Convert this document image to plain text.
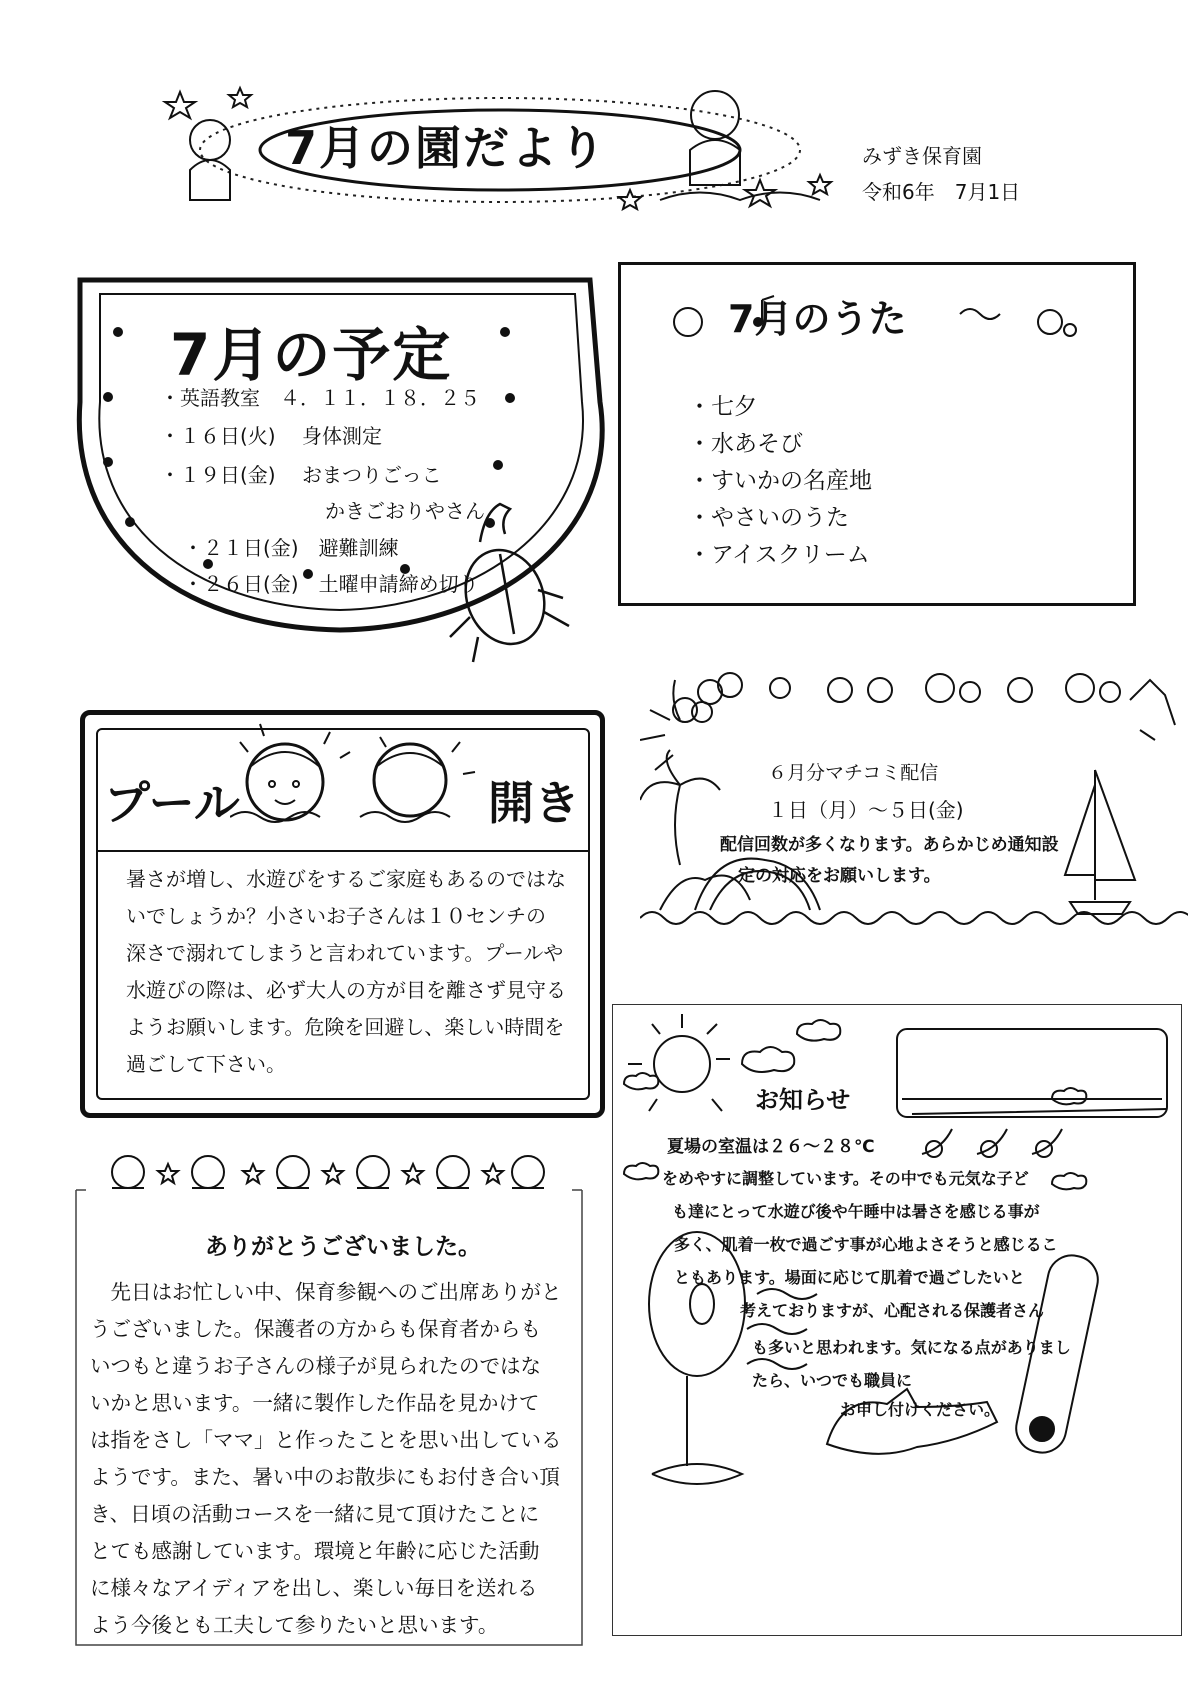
7月の園だより	みずき保育園
令和6年　7月1日
7月の予定
・英語教室　４．１１．１８．２５
・１６日(火)　 身体測定
・１９日(金)　 おまつりごっこ
かきごおりやさん
・２１日(金)　避難訓練
・２６日(金)　土曜申請締め切り
7月のうた
・七夕
・水あそび
・すいかの名産地
・やさいのうた
・アイスクリーム
プール	開き
暑さが増し、水遊びをするご家庭もあるのではな
いでしょうか？小さいお子さんは１０センチの
深さで溺れてしまうと言われています。プールや
水遊びの際は、必ず大人の方が目を離さず見守る
ようお願いします。危険を回避し、楽しい時間を
過ごして下さい。
６月分マチコミ配信
１日（月）～５日(金)
配信回数が多くなります。あらかじめ通知設
定の対応をお願いします。
ありがとうございました。
　先日はお忙しい中、保育参観へのご出席ありがと
うございました。保護者の方からも保育者からも
いつもと違うお子さんの様子が見られたのではな
いかと思います。一緒に製作した作品を見かけて
は指をさし「ママ」と作ったことを思い出している
ようです。また、暑い中のお散歩にもお付き合い頂
き、日頃の活動コースを一緒に見て頂けたことに
とても感謝しています。環境と年齢に応じた活動
に様々なアイディアを出し、楽しい毎日を送れる
よう今後とも工夫して参りたいと思います。
お知らせ
夏場の室温は２６～２８℃
をめやすに調整しています。その中でも元気な子ど
も達にとって水遊び後や午睡中は暑さを感じる事が
多く、肌着一枚で過ごす事が心地よさそうと感じるこ
ともあります。場面に応じて肌着で過ごしたいと
考えておりますが、心配される保護者さん
も多いと思われます。気になる点がありましたら、いつでも職員に
お申し付けください。
